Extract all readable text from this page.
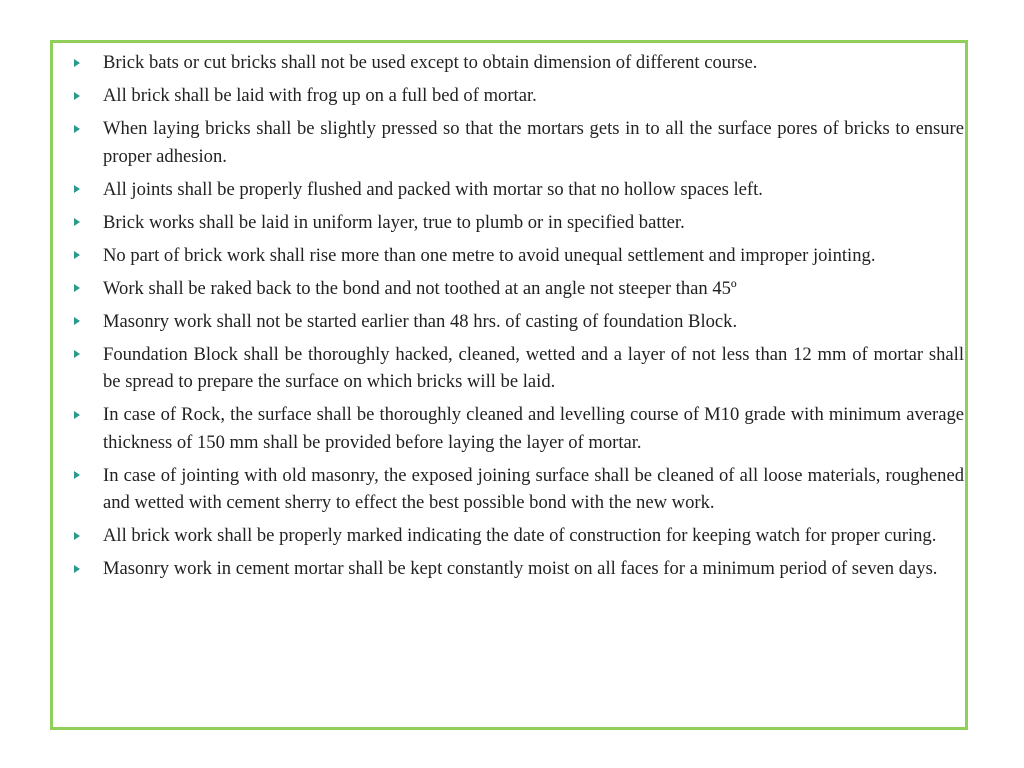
Brick bats or cut bricks shall not be used except to obtain dimension of different course.
All brick shall be laid with frog up on a full bed of mortar.
When laying bricks shall be slightly pressed so that the mortars gets in to all the surface pores of bricks to ensure proper adhesion.
All joints shall be properly flushed and packed with mortar so that no hollow spaces left.
Brick works shall be laid in uniform layer, true to plumb or in specified batter.
No part of brick work shall rise more than one metre to avoid unequal settlement and improper jointing.
Work shall be raked back to the bond and not toothed at an angle not steeper than 45º
Masonry work shall not be started earlier than 48 hrs. of casting of foundation Block.
Foundation Block shall be thoroughly hacked, cleaned, wetted and a layer of not less than 12 mm of mortar shall be spread to prepare the surface on which bricks will be laid.
In case of Rock, the surface shall be thoroughly cleaned and levelling course of M10 grade with minimum average thickness of 150 mm shall be provided before laying the layer of mortar.
In case of jointing with old masonry, the exposed joining surface shall be cleaned of all loose materials, roughened and wetted with cement sherry to effect the best possible bond with the new work.
All brick work shall be properly marked indicating the date of construction for keeping watch for proper curing.
Masonry work in cement mortar shall be kept constantly moist on all faces for a minimum period of seven days.
